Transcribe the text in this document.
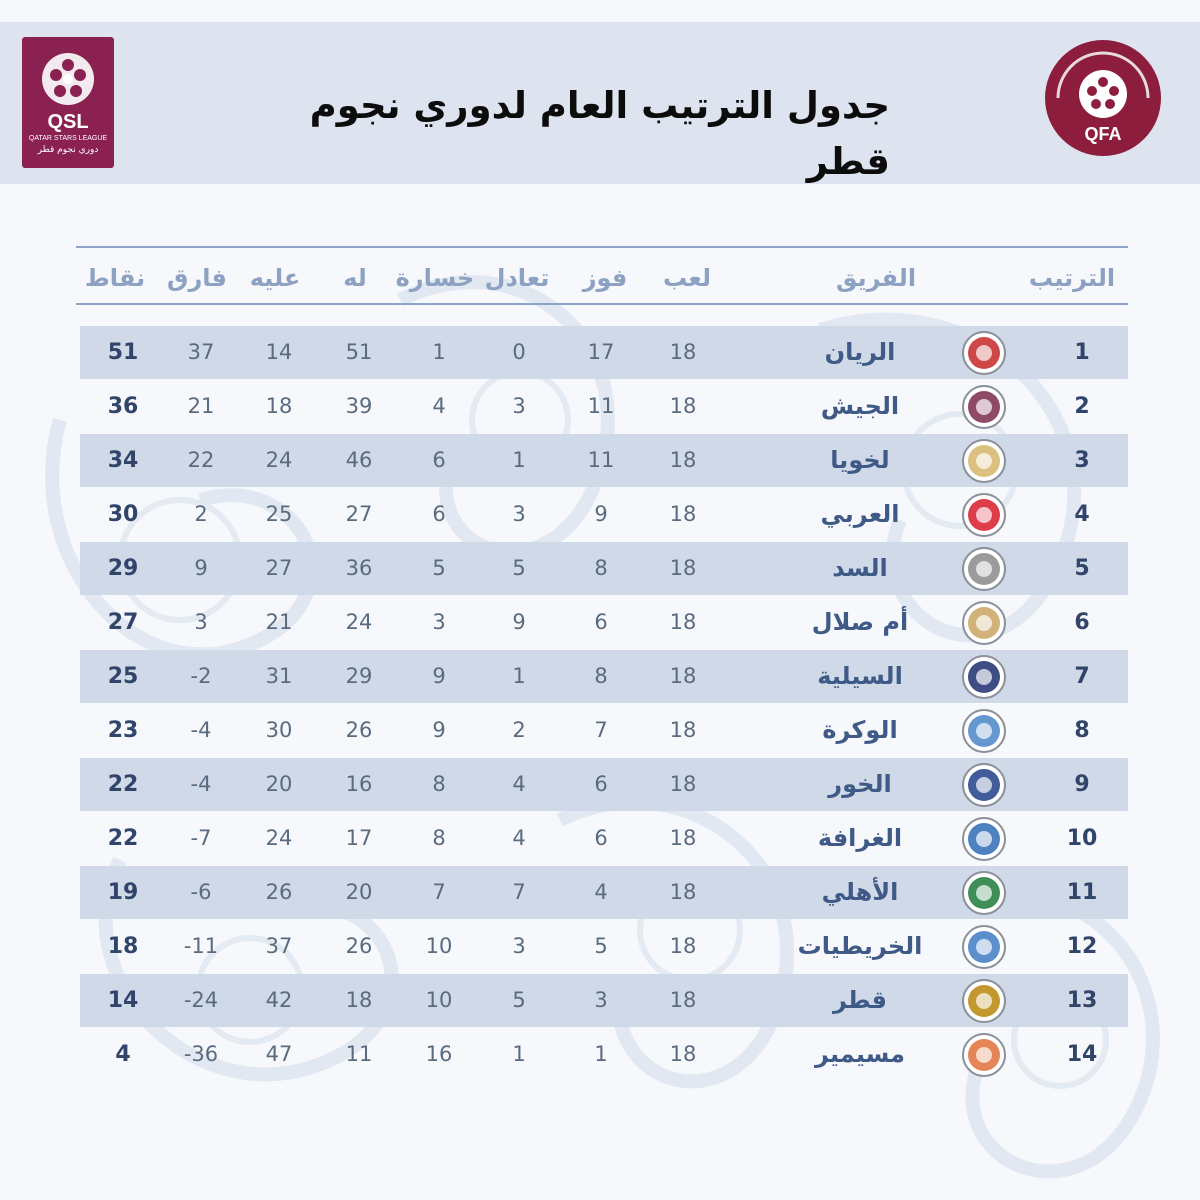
QSL
QATAR STARS LEAGUE
دوري نجوم قطر
جدول الترتيب العام لدوري نجوم قطر
QFA
نقاط فارق عليه	له	خسارة تعادل	فوز	لعب	الفريق	الترتيب
51	37	14	51	1	0	17	18	الريان	1
36	21	18	39	4	3	11	18	الجيش	2
34	22	24	46	6	1	11	18	لخويا	3
30	2	25	27	6	3	9	18	العربي	4
29	9	27	36	5	5	8	18	السد	5
27	3	21	24	3	9	6	18	أم صلال	6
25	-2	31	29	9	1	8	18	السيلية	7
23	-4	30	26	9	2	7	18	الوكرة	8
22	-4	20	16	8	4	6	18	الخور	9
22	-7	24	17	8	4	6	18	الغرافة	10
19	-6	26	20	7	7	4	18	الأهلي	11
18	-11	37	26	10	3	5	18	الخريطيات	12
14	-24	42	18	10	5	3	18	قطر	13
4	-36	47	11	16	1	1	18	مسيمير	14
